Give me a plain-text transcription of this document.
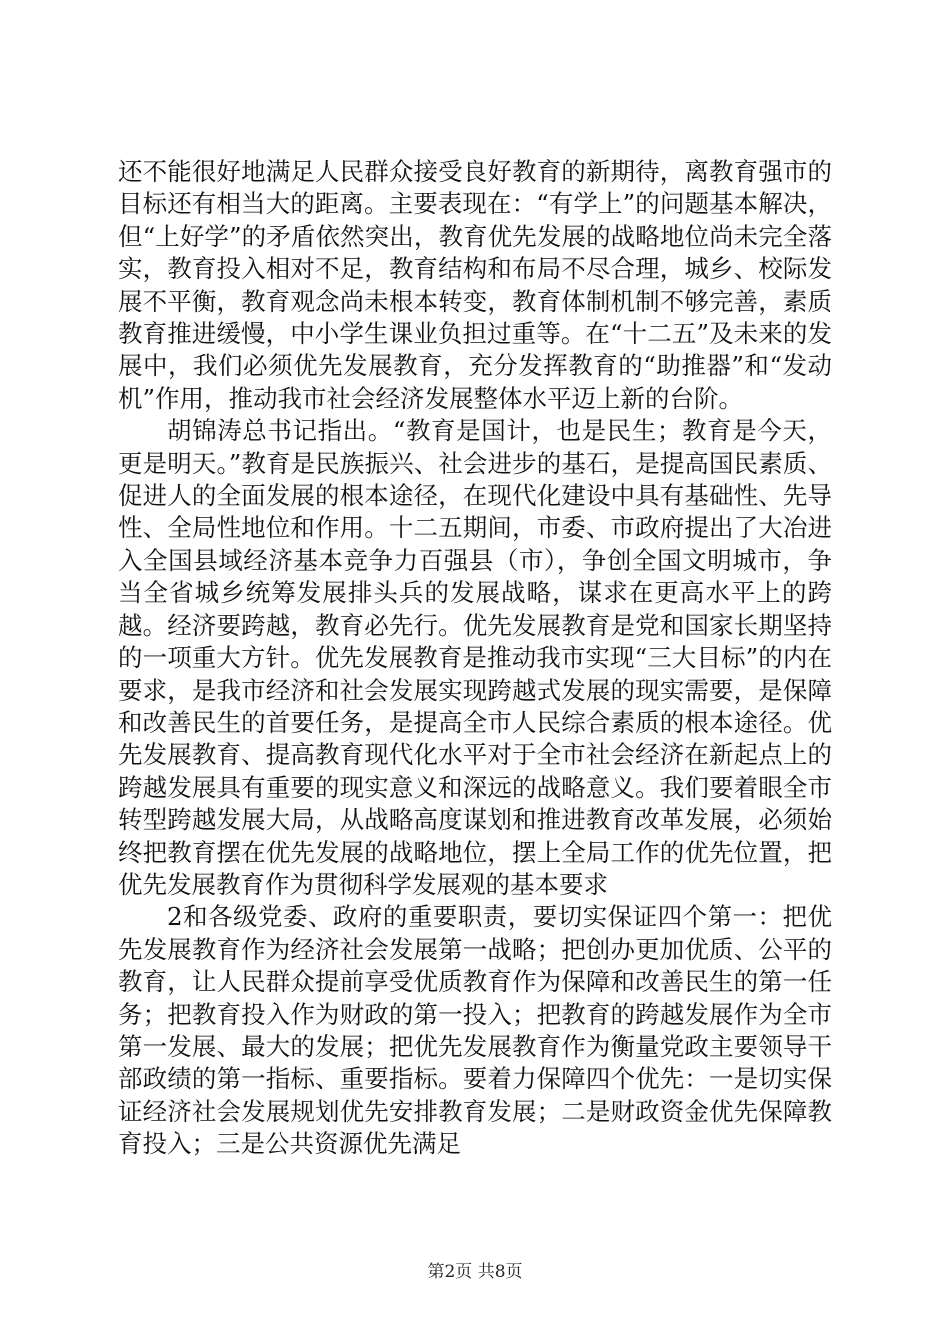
还不能很好地满足人民群众接受良好教育的新期待，离教育强市的目标还有相当大的距离。主要表现在：“有学上”的问题基本解决，但“上好学”的矛盾依然突出，教育优先发展的战略地位尚未完全落实，教育投入相对不足，教育结构和布局不尽合理，城乡、校际发展不平衡，教育观念尚未根本转变，教育体制机制不够完善，素质教育推进缓慢，中小学生课业负担过重等。在“十二五”及未来的发展中，我们必须优先发展教育，充分发挥教育的“助推器”和“发动机”作用，推动我市社会经济发展整体水平迈上新的台阶。

胡锦涛总书记指出。“教育是国计，也是民生；教育是今天，更是明天。”教育是民族振兴、社会进步的基石，是提高国民素质、促进人的全面发展的根本途径，在现代化建设中具有基础性、先导性、全局性地位和作用。十二五期间，市委、市政府提出了大冶进入全国县域经济基本竞争力百强县（市），争创全国文明城市，争当全省城乡统筹发展排头兵的发展战略，谋求在更高水平上的跨越。经济要跨越，教育必先行。优先发展教育是党和国家长期坚持的一项重大方针。优先发展教育是推动我市实现“三大目标”的内在要求，是我市经济和社会发展实现跨越式发展的现实需要，是保障和改善民生的首要任务，是提高全市人民综合素质的根本途径。优先发展教育、提高教育现代化水平对于全市社会经济在新起点上的跨越发展具有重要的现实意义和深远的战略意义。我们要着眼全市转型跨越发展大局，从战略高度谋划和推进教育改革发展，必须始终把教育摆在优先发展的战略地位，摆上全局工作的优先位置，把优先发展教育作为贯彻科学发展观的基本要求

2和各级党委、政府的重要职责，要切实保证四个第一：把优先发展教育作为经济社会发展第一战略；把创办更加优质、公平的教育，让人民群众提前享受优质教育作为保障和改善民生的第一任务；把教育投入作为财政的第一投入；把教育的跨越发展作为全市第一发展、最大的发展；把优先发展教育作为衡量党政主要领导干部政绩的第一指标、重要指标。要着力保障四个优先：一是切实保证经济社会发展规划优先安排教育发展；二是财政资金优先保障教育投入；三是公共资源优先满足

第2页 共8页
